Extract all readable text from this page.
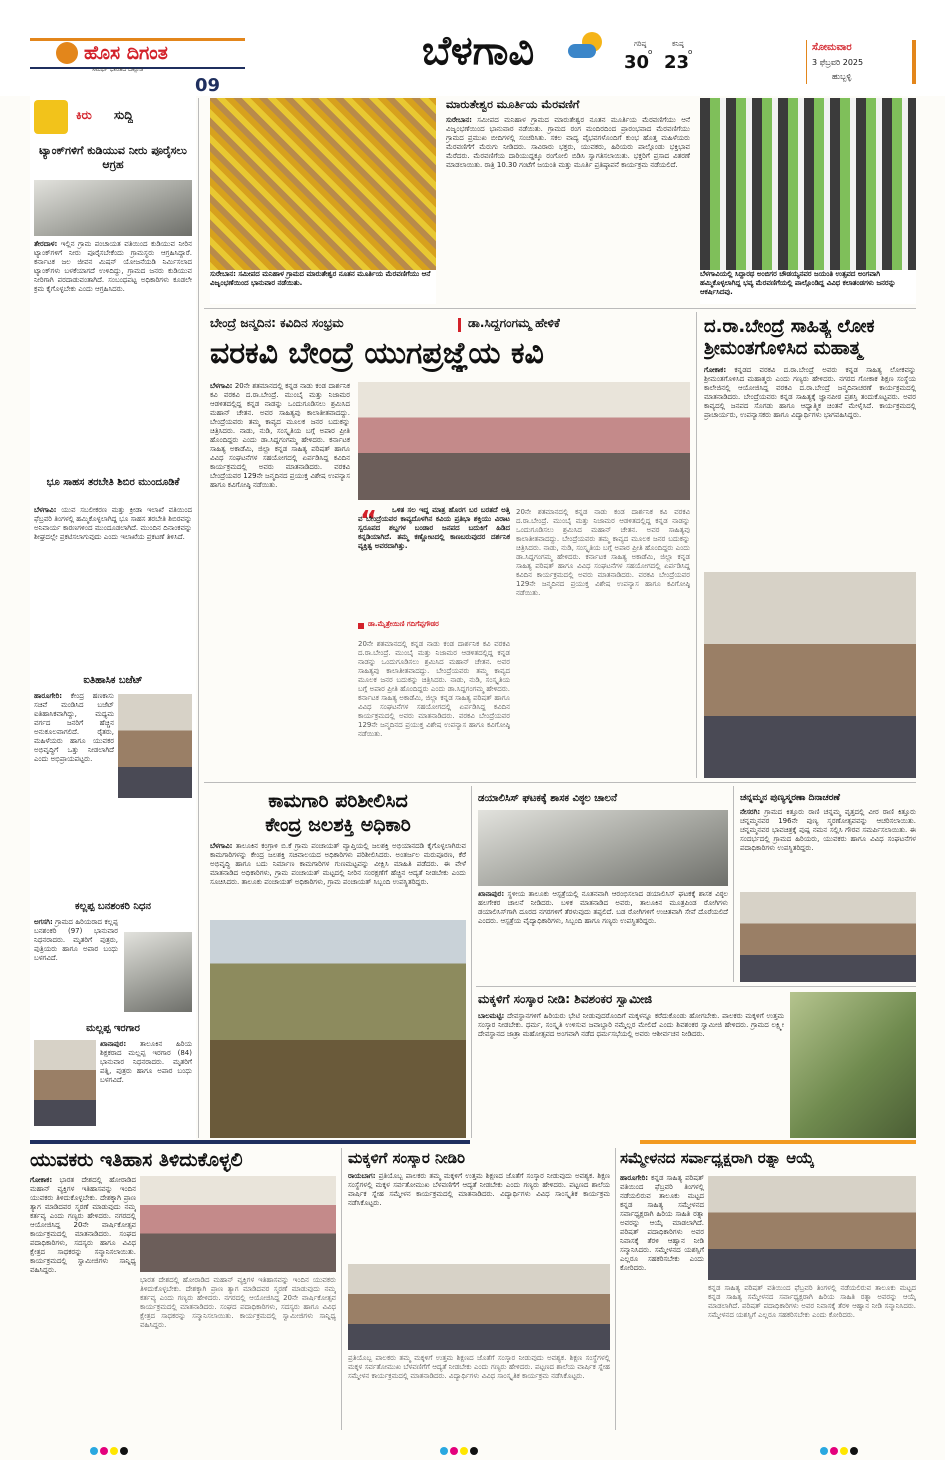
ಹೊಸ ದಿಗಂತ
ಸಮರ್ಥ ಭಾರತದ ದಿಕ್ಸೂಚಿ
09
ಬೆಳಗಾವಿ	ಗರಿಷ್ಠ
30
o
ಕನಿಷ್ಠ
23
o	ಸೋಮವಾರ
3 ಫೆಬ್ರವರಿ 2025
ಹುಬ್ಬಳ್ಳಿ
ಕಿರು ಸುದ್ದಿ
ಟ್ಯಾಂಕ್‌ಗಳಿಗೆ ಕುಡಿಯುವ ನೀರು ಪೂರೈಸಲು ಆಗ್ರಹ
ತೇರದಾಳ: ಇಲ್ಲಿನ ಗ್ರಾಮ ಪಂಚಾಯತ ವತಿಯಿಂದ ಕುಡಿಯುವ ನೀರಿನ ಟ್ಯಾಂಕ್‌ಗಳಿಗೆ ನೀರು ಪೂರೈಸಬೇಕೆಂದು ಗ್ರಾಮಸ್ಥರು ಆಗ್ರಹಿಸಿದ್ದಾರೆ. ಕರ್ನಾಟಕ ಜಲ ಜೀವನ ಮಿಷನ್ ಯೋಜನೆಯಡಿ ನಿರ್ಮಿಸಲಾದ ಟ್ಯಾಂಕ್‌ಗಳು ಬಳಕೆಯಾಗದೆ ಉಳಿದಿದ್ದು, ಗ್ರಾಮದ ಜನರು ಕುಡಿಯುವ ನೀರಿಗಾಗಿ ಪರದಾಡುವಂತಾಗಿದೆ. ಸಂಬಂಧಪಟ್ಟ ಅಧಿಕಾರಿಗಳು ಕೂಡಲೇ ಕ್ರಮ ಕೈಗೊಳ್ಳಬೇಕು ಎಂದು ಆಗ್ರಹಿಸಿದರು.
ಭೂ ಸಾಹಸ ತರಬೇತಿ ಶಿಬಿರ ಮುಂದೂಡಿಕೆ
ಬೆಳಗಾವಿ: ಯುವ ಸಬಲೀಕರಣ ಮತ್ತು ಕ್ರೀಡಾ ಇಲಾಖೆ ವತಿಯಿಂದ ಫೆಬ್ರವರಿ ತಿಂಗಳಲ್ಲಿ ಹಮ್ಮಿಕೊಳ್ಳಲಾಗಿದ್ದ ಭೂ ಸಾಹಸ ತರಬೇತಿ ಶಿಬಿರವನ್ನು ಅನಿವಾರ್ಯ ಕಾರಣಗಳಿಂದ ಮುಂದೂಡಲಾಗಿದೆ. ಮುಂದಿನ ದಿನಾಂಕವನ್ನು ಶೀಘ್ರದಲ್ಲೇ ಪ್ರಕಟಿಸಲಾಗುವುದು ಎಂದು ಇಲಾಖೆಯ ಪ್ರಕಟಣೆ ತಿಳಿಸಿದೆ.
ಐತಿಹಾಸಿಕ ಬಜೆಟ್
ಹಾರೂಗೇರಿ: ಕೇಂದ್ರ ಹಣಕಾಸು ಸಚಿವೆ ಮಂಡಿಸಿದ ಬಜೆಟ್ ಐತಿಹಾಸಿಕವಾಗಿದ್ದು, ಮಧ್ಯಮ ವರ್ಗದ ಜನರಿಗೆ ಹೆಚ್ಚಿನ ಅನುಕೂಲವಾಗಲಿದೆ. ರೈತರು, ಮಹಿಳೆಯರು ಹಾಗೂ ಯುವಕರ ಅಭಿವೃದ್ಧಿಗೆ ಒತ್ತು ನೀಡಲಾಗಿದೆ ಎಂದು ಅಭಿಪ್ರಾಯಪಟ್ಟರು.
ಕಲ್ಲಪ್ಪ ಬನಶಂಕರಿ ನಿಧನ
ಅಗಸಗಿ: ಗ್ರಾಮದ ಹಿರಿಯರಾದ ಕಲ್ಲಪ್ಪ ಬನಶಂಕರಿ (97) ಭಾನುವಾರ ನಿಧನರಾದರು. ಮೃತರಿಗೆ ಪುತ್ರರು, ಪುತ್ರಿಯರು ಹಾಗೂ ಅಪಾರ ಬಂಧು ಬಳಗವಿದೆ.
ಮಲ್ಲಪ್ಪ ಇರಗಾರ
ಖಾನಾಪುರ: ತಾಲೂಕಿನ ಹಿರಿಯ ಶಿಕ್ಷಕರಾದ ಮಲ್ಲಪ್ಪ ಇರಗಾರ (84) ಭಾನುವಾರ ನಿಧನರಾದರು. ಮೃತರಿಗೆ ಪತ್ನಿ, ಪುತ್ರರು ಹಾಗೂ ಅಪಾರ ಬಂಧು ಬಳಗವಿದೆ.
ಸುರೇಬಾನ: ಸಮೀಪದ ಮನಿಹಾಳ ಗ್ರಾಮದ ಮಾರುತೇಶ್ವರ ನೂತನ ಮೂರ್ತಿಯ ಮೆರವಣಿಗೆಯು ಆನೆ ವಿಜೃಂಭಣೆಯಿಂದ ಭಾನುವಾರ ನಡೆಯಿತು.
ಮಾರುತೇಶ್ವರ ಮೂರ್ತಿಯ ಮೆರವಣಿಗೆ
ಸುರೇಬಾನ: ಸಮೀಪದ ಮನಿಹಾಳ ಗ್ರಾಮದ ಮಾರುತೇಶ್ವರ ನೂತನ ಮೂರ್ತಿಯ ಮೆರವಣಿಗೆಯು ಆನೆ ವಿಜೃಂಭಣೆಯಿಂದ ಭಾನುವಾರ ನಡೆಯಿತು. ಗ್ರಾಮದ ರಂಗ ಮಂದಿರದಿಂದ ಪ್ರಾರಂಭವಾದ ಮೆರವಣಿಗೆಯು ಗ್ರಾಮದ ಪ್ರಮುಖ ಬೀದಿಗಳಲ್ಲಿ ಸಂಚರಿಸಿತು. ಸಕಲ ವಾದ್ಯ ವೈಭವಗಳೊಂದಿಗೆ ಕುಂಭ ಹೊತ್ತ ಮಹಿಳೆಯರು ಮೆರವಣಿಗೆಗೆ ಮೆರುಗು ನೀಡಿದರು. ಸಾವಿರಾರು ಭಕ್ತರು, ಯುವಕರು, ಹಿರಿಯರು ಪಾಲ್ಗೊಂಡು ಭಕ್ತಿಭಾವ ಮೆರೆದರು. ಮೆರವಣಿಗೆಯ ದಾರಿಯುದ್ದಕ್ಕೂ ರಂಗೋಲಿ ಬಿಡಿಸಿ ಸ್ವಾಗತಿಸಲಾಯಿತು. ಭಕ್ತರಿಗೆ ಪ್ರಸಾದ ವಿತರಣೆ ಮಾಡಲಾಯಿತು. ರಾತ್ರಿ 10.30 ಗಂಟೆಗೆ ಜಯಂತಿ ಮತ್ತು ಮೂರ್ತಿ ಪ್ರತಿಷ್ಠಾಪನೆ ಕಾರ್ಯಕ್ರಮ ನಡೆಯಲಿದೆ.
ಬೆಳಗಾವಿಯಲ್ಲಿ ಸಿದ್ದಾರಥ ಅಂಬಿಗರ ಚೌಡಯ್ಯನವರ ಜಯಂತಿ ಉತ್ಸವದ ಅಂಗವಾಗಿ ಹಮ್ಮಿಕೊಳ್ಳಲಾಗಿದ್ದ ಭವ್ಯ ಮೆರವಣಿಗೆಯಲ್ಲಿ ಪಾಲ್ಗೊಂಡಿದ್ದ ವಿವಿಧ ಕಲಾತಂಡಗಳು ಜನರನ್ನು ಆಕರ್ಷಿಸಿದವು.
ಬೇಂದ್ರೆ ಜನ್ಮದಿನ: ಕವಿದಿನ ಸಂಭ್ರಮ	ಡಾ.ಸಿದ್ದಗಂಗಮ್ಮ ಹೇಳಿಕೆ
ವರಕವಿ ಬೇಂದ್ರೆ ಯುಗಪ್ರಜ್ಞೆಯ ಕವಿ
ಬೆಳಗಾವಿ: 20ನೇ ಶತಮಾನದಲ್ಲಿ ಕನ್ನಡ ನಾಡು ಕಂಡ ದಾರ್ಶನಿಕ ಕವಿ ವರಕವಿ ದ.ರಾ.ಬೇಂದ್ರೆ. ಮುಂಬೈ ಮತ್ತು ನಿಜಾಮರ ಆಡಳಿತದಲ್ಲಿದ್ದ ಕನ್ನಡ ನಾಡನ್ನು ಒಂದುಗೂಡಿಸಲು ಶ್ರಮಿಸಿದ ಮಹಾನ್ ಚೇತನ. ಅವರ ಸಾಹಿತ್ಯವು ಕಾಲಾತೀತವಾದದ್ದು. ಬೇಂದ್ರೆಯವರು ತಮ್ಮ ಕಾವ್ಯದ ಮೂಲಕ ಜನರ ಬದುಕನ್ನು ಚಿತ್ರಿಸಿದರು. ನಾಡು, ನುಡಿ, ಸಂಸ್ಕೃತಿಯ ಬಗ್ಗೆ ಅಪಾರ ಪ್ರೀತಿ ಹೊಂದಿದ್ದರು ಎಂದು ಡಾ.ಸಿದ್ದಗಂಗಮ್ಮ ಹೇಳಿದರು. ಕರ್ನಾಟಕ ಸಾಹಿತ್ಯ ಅಕಾಡೆಮಿ, ಜಿಲ್ಲಾ ಕನ್ನಡ ಸಾಹಿತ್ಯ ಪರಿಷತ್ ಹಾಗೂ ವಿವಿಧ ಸಂಘಟನೆಗಳ ಸಹಯೋಗದಲ್ಲಿ ಏರ್ಪಡಿಸಿದ್ದ ಕವಿದಿನ ಕಾರ್ಯಕ್ರಮದಲ್ಲಿ ಅವರು ಮಾತನಾಡಿದರು. ವರಕವಿ ಬೇಂದ್ರೆಯವರ 129ನೇ ಜನ್ಮದಿನದ ಪ್ರಯುಕ್ತ ವಿಶೇಷ ಉಪನ್ಯಾಸ ಹಾಗೂ ಕವಿಗೋಷ್ಠಿ ನಡೆಯಿತು.
“	ಒಳಿತ ಸಲ ಇದ್ದ ಮಾತ್ರ ಹೊರಗ ಬರ ಬರತದೆ ಅತ್ತಿ ವ ಬೇಂದ್ರೆಯವರ ಕಾವ್ಯದೊಳಗಿನ ಕವಿಯ ಪ್ರತಿಭಾ ಶಕ್ತಿಯು ವಿರಾಟ ಸ್ವರೂಪದ ಶಬ್ದಗಳ ಬಂಡಾರ ಜನಪದ ಬದುಕಿಗೆ ಹಿಡಿದ ಕನ್ನಡಿಯಾಗಿದೆ. ತಮ್ಮ ಕಣ್ಣೋಟದಲ್ಲಿ ಕಾಣಬರುವುದರ ದರ್ಶನಿಕ ವ್ಯಕ್ತಿತ್ವ ಅವರದಾಗಿತ್ತು.
ಡಾ.ಮೈತ್ರೇಯಿಣಿ ಗದಿಗೆಪ್ಪಗೌಡರ
20ನೇ ಶತಮಾನದಲ್ಲಿ ಕನ್ನಡ ನಾಡು ಕಂಡ ದಾರ್ಶನಿಕ ಕವಿ ವರಕವಿ ದ.ರಾ.ಬೇಂದ್ರೆ. ಮುಂಬೈ ಮತ್ತು ನಿಜಾಮರ ಆಡಳಿತದಲ್ಲಿದ್ದ ಕನ್ನಡ ನಾಡನ್ನು ಒಂದುಗೂಡಿಸಲು ಶ್ರಮಿಸಿದ ಮಹಾನ್ ಚೇತನ. ಅವರ ಸಾಹಿತ್ಯವು ಕಾಲಾತೀತವಾದದ್ದು. ಬೇಂದ್ರೆಯವರು ತಮ್ಮ ಕಾವ್ಯದ ಮೂಲಕ ಜನರ ಬದುಕನ್ನು ಚಿತ್ರಿಸಿದರು. ನಾಡು, ನುಡಿ, ಸಂಸ್ಕೃತಿಯ ಬಗ್ಗೆ ಅಪಾರ ಪ್ರೀತಿ ಹೊಂದಿದ್ದರು ಎಂದು ಡಾ.ಸಿದ್ದಗಂಗಮ್ಮ ಹೇಳಿದರು. ಕರ್ನಾಟಕ ಸಾಹಿತ್ಯ ಅಕಾಡೆಮಿ, ಜಿಲ್ಲಾ ಕನ್ನಡ ಸಾಹಿತ್ಯ ಪರಿಷತ್ ಹಾಗೂ ವಿವಿಧ ಸಂಘಟನೆಗಳ ಸಹಯೋಗದಲ್ಲಿ ಏರ್ಪಡಿಸಿದ್ದ ಕವಿದಿನ ಕಾರ್ಯಕ್ರಮದಲ್ಲಿ ಅವರು ಮಾತನಾಡಿದರು. ವರಕವಿ ಬೇಂದ್ರೆಯವರ 129ನೇ ಜನ್ಮದಿನದ ಪ್ರಯುಕ್ತ ವಿಶೇಷ ಉಪನ್ಯಾಸ ಹಾಗೂ ಕವಿಗೋಷ್ಠಿ ನಡೆಯಿತು.
20ನೇ ಶತಮಾನದಲ್ಲಿ ಕನ್ನಡ ನಾಡು ಕಂಡ ದಾರ್ಶನಿಕ ಕವಿ ವರಕವಿ ದ.ರಾ.ಬೇಂದ್ರೆ. ಮುಂಬೈ ಮತ್ತು ನಿಜಾಮರ ಆಡಳಿತದಲ್ಲಿದ್ದ ಕನ್ನಡ ನಾಡನ್ನು ಒಂದುಗೂಡಿಸಲು ಶ್ರಮಿಸಿದ ಮಹಾನ್ ಚೇತನ. ಅವರ ಸಾಹಿತ್ಯವು ಕಾಲಾತೀತವಾದದ್ದು. ಬೇಂದ್ರೆಯವರು ತಮ್ಮ ಕಾವ್ಯದ ಮೂಲಕ ಜನರ ಬದುಕನ್ನು ಚಿತ್ರಿಸಿದರು. ನಾಡು, ನುಡಿ, ಸಂಸ್ಕೃತಿಯ ಬಗ್ಗೆ ಅಪಾರ ಪ್ರೀತಿ ಹೊಂದಿದ್ದರು ಎಂದು ಡಾ.ಸಿದ್ದಗಂಗಮ್ಮ ಹೇಳಿದರು. ಕರ್ನಾಟಕ ಸಾಹಿತ್ಯ ಅಕಾಡೆಮಿ, ಜಿಲ್ಲಾ ಕನ್ನಡ ಸಾಹಿತ್ಯ ಪರಿಷತ್ ಹಾಗೂ ವಿವಿಧ ಸಂಘಟನೆಗಳ ಸಹಯೋಗದಲ್ಲಿ ಏರ್ಪಡಿಸಿದ್ದ ಕವಿದಿನ ಕಾರ್ಯಕ್ರಮದಲ್ಲಿ ಅವರು ಮಾತನಾಡಿದರು. ವರಕವಿ ಬೇಂದ್ರೆಯವರ 129ನೇ ಜನ್ಮದಿನದ ಪ್ರಯುಕ್ತ ವಿಶೇಷ ಉಪನ್ಯಾಸ ಹಾಗೂ ಕವಿಗೋಷ್ಠಿ ನಡೆಯಿತು.
ದ.ರಾ.ಬೇಂದ್ರೆ ಸಾಹಿತ್ಯ ಲೋಕ
ಶ್ರೀಮಂತಗೊಳಿಸಿದ ಮಹಾತ್ಮ
ಗೋಕಾಕ: ಕನ್ನಡದ ವರಕವಿ ದ.ರಾ.ಬೇಂದ್ರೆ ಅವರು ಕನ್ನಡ ಸಾಹಿತ್ಯ ಲೋಕವನ್ನು ಶ್ರೀಮಂತಗೊಳಿಸಿದ ಮಹಾತ್ಮರು ಎಂದು ಗಣ್ಯರು ಹೇಳಿದರು. ನಗರದ ಗೋಕಾಕ ಶಿಕ್ಷಣ ಸಂಸ್ಥೆಯ ಕಾಲೇಜಿನಲ್ಲಿ ಆಯೋಜಿಸಿದ್ದ ವರಕವಿ ದ.ರಾ.ಬೇಂದ್ರೆ ಜನ್ಮದಿನಾಚರಣೆ ಕಾರ್ಯಕ್ರಮದಲ್ಲಿ ಮಾತನಾಡಿದರು. ಬೇಂದ್ರೆಯವರು ಕನ್ನಡ ಸಾಹಿತ್ಯಕ್ಕೆ ಜ್ಞಾನಪೀಠ ಪ್ರಶಸ್ತಿ ತಂದುಕೊಟ್ಟವರು. ಅವರ ಕಾವ್ಯದಲ್ಲಿ ಜನಪದ ಸೊಗಡು ಹಾಗೂ ಆಧ್ಯಾತ್ಮಿಕ ಚಿಂತನೆ ಮೇಳೈಸಿದೆ. ಕಾರ್ಯಕ್ರಮದಲ್ಲಿ ಪ್ರಾಚಾರ್ಯರು, ಉಪನ್ಯಾಸಕರು ಹಾಗೂ ವಿದ್ಯಾರ್ಥಿಗಳು ಭಾಗವಹಿಸಿದ್ದರು.
ಕಾಮಗಾರಿ ಪರಿಶೀಲಿಸಿದ
ಕೇಂದ್ರ ಜಲಶಕ್ತಿ ಅಧಿಕಾರಿ
ಬೆಳಗಾವಿ: ತಾಲೂಕಿನ ಕಂಗ್ರಾಳಿ ಬಿ.ಕೆ ಗ್ರಾಮ ಪಂಚಾಯತ್ ವ್ಯಾಪ್ತಿಯಲ್ಲಿ ಜಲಶಕ್ತಿ ಅಭಿಯಾನದಡಿ ಕೈಗೊಳ್ಳಲಾಗಿರುವ ಕಾಮಗಾರಿಗಳನ್ನು ಕೇಂದ್ರ ಜಲಶಕ್ತಿ ಸಚಿವಾಲಯದ ಅಧಿಕಾರಿಗಳು ಪರಿಶೀಲಿಸಿದರು. ಅಂತರ್ಜಲ ಮರುಪೂರಣ, ಕೆರೆ ಅಭಿವೃದ್ಧಿ ಹಾಗೂ ಬದು ನಿರ್ಮಾಣ ಕಾಮಗಾರಿಗಳ ಗುಣಮಟ್ಟವನ್ನು ವೀಕ್ಷಿಸಿ ಮಾಹಿತಿ ಪಡೆದರು. ಈ ವೇಳೆ ಮಾತನಾಡಿದ ಅಧಿಕಾರಿಗಳು, ಗ್ರಾಮ ಪಂಚಾಯತ್ ಮಟ್ಟದಲ್ಲಿ ನೀರಿನ ಸಂರಕ್ಷಣೆಗೆ ಹೆಚ್ಚಿನ ಆದ್ಯತೆ ನೀಡಬೇಕು ಎಂದು ಸೂಚಿಸಿದರು. ತಾಲೂಕು ಪಂಚಾಯತ್ ಅಧಿಕಾರಿಗಳು, ಗ್ರಾಮ ಪಂಚಾಯತ್ ಸಿಬ್ಬಂದಿ ಉಪಸ್ಥಿತರಿದ್ದರು.
ಡಯಾಲಿಸಿಸ್ ಘಟಕಕ್ಕೆ ಶಾಸಕ ವಿಠ್ಠಲ ಚಾಲನೆ
ಖಾನಾಪುರ: ಸ್ಥಳೀಯ ತಾಲೂಕು ಆಸ್ಪತ್ರೆಯಲ್ಲಿ ನೂತನವಾಗಿ ಆರಂಭಿಸಲಾದ ಡಯಾಲಿಸಿಸ್ ಘಟಕಕ್ಕೆ ಶಾಸಕ ವಿಠ್ಠಲ ಹಲಗೇಕರ ಚಾಲನೆ ನೀಡಿದರು. ಬಳಿಕ ಮಾತನಾಡಿದ ಅವರು, ತಾಲೂಕಿನ ಮೂತ್ರಪಿಂಡ ರೋಗಿಗಳು ಡಯಾಲಿಸಿಸ್‌ಗಾಗಿ ದೂರದ ನಗರಗಳಿಗೆ ತೆರಳುವುದು ತಪ್ಪಲಿದೆ. ಬಡ ರೋಗಿಗಳಿಗೆ ಉಚಿತವಾಗಿ ಸೇವೆ ದೊರೆಯಲಿದೆ ಎಂದರು. ಆಸ್ಪತ್ರೆಯ ವೈದ್ಯಾಧಿಕಾರಿಗಳು, ಸಿಬ್ಬಂದಿ ಹಾಗೂ ಗಣ್ಯರು ಉಪಸ್ಥಿತರಿದ್ದರು.
ಚನ್ನಮ್ಮನ ಪುಣ್ಯಸ್ಮರಣಾ ದಿನಾಚರಣೆ
ನೇಸರಗಿ: ಗ್ರಾಮದ ಕಿತ್ತೂರು ರಾಣಿ ಚನ್ನಮ್ಮ ವೃತ್ತದಲ್ಲಿ ವೀರ ರಾಣಿ ಕಿತ್ತೂರು ಚನ್ನಮ್ಮನವರ 196ನೇ ಪುಣ್ಯ ಸ್ಮರಣೋತ್ಸವವನ್ನು ಆಚರಿಸಲಾಯಿತು. ಚನ್ನಮ್ಮನವರ ಭಾವಚಿತ್ರಕ್ಕೆ ಪುಷ್ಪ ನಮನ ಸಲ್ಲಿಸಿ ಗೌರವ ಸಮರ್ಪಿಸಲಾಯಿತು. ಈ ಸಂದರ್ಭದಲ್ಲಿ ಗ್ರಾಮದ ಹಿರಿಯರು, ಯುವಕರು ಹಾಗೂ ವಿವಿಧ ಸಂಘಟನೆಗಳ ಪದಾಧಿಕಾರಿಗಳು ಉಪಸ್ಥಿತರಿದ್ದರು.
ಮಕ್ಕಳಿಗೆ ಸಂಸ್ಕಾರ ನೀಡಿ: ಶಿವಶಂಕರ ಸ್ವಾಮೀಜಿ
ಬಾಲಮಟ್ಟಿ: ದೇವಸ್ಥಾನಗಳಿಗೆ ಹಿರಿಯರು ಭೇಟಿ ನೀಡುವುದರೊಂದಿಗೆ ಮಕ್ಕಳನ್ನೂ ಕರೆದುಕೊಂಡು ಹೋಗಬೇಕು. ಪಾಲಕರು ಮಕ್ಕಳಿಗೆ ಉತ್ತಮ ಸಂಸ್ಕಾರ ನೀಡಬೇಕು. ಧರ್ಮ, ಸಂಸ್ಕೃತಿ ಉಳಿಸುವ ಜವಾಬ್ದಾರಿ ನಮ್ಮೆಲ್ಲರ ಮೇಲಿದೆ ಎಂದು ಶಿವಶಂಕರ ಸ್ವಾಮೀಜಿ ಹೇಳಿದರು. ಗ್ರಾಮದ ಲಕ್ಷ್ಮೀ ದೇವಸ್ಥಾನದ ಜಾತ್ರಾ ಮಹೋತ್ಸವದ ಅಂಗವಾಗಿ ನಡೆದ ಧರ್ಮಸಭೆಯಲ್ಲಿ ಅವರು ಆಶೀರ್ವಚನ ನೀಡಿದರು.
ಯುವಕರು ಇತಿಹಾಸ ತಿಳಿದುಕೊಳ್ಳಲಿ
ಗೋಕಾಕ: ಭಾರತ ದೇಶದಲ್ಲಿ ಹೋರಾಡಿದ ಮಹಾನ್ ವ್ಯಕ್ತಿಗಳ ಇತಿಹಾಸವನ್ನು ಇಂದಿನ ಯುವಕರು ತಿಳಿದುಕೊಳ್ಳಬೇಕು. ದೇಶಕ್ಕಾಗಿ ಪ್ರಾಣ ತ್ಯಾಗ ಮಾಡಿದವರ ಸ್ಮರಣೆ ಮಾಡುವುದು ನಮ್ಮ ಕರ್ತವ್ಯ ಎಂದು ಗಣ್ಯರು ಹೇಳಿದರು. ನಗರದಲ್ಲಿ ಆಯೋಜಿಸಿದ್ದ 20ನೇ ವಾರ್ಷಿಕೋತ್ಸವ ಕಾರ್ಯಕ್ರಮದಲ್ಲಿ ಮಾತನಾಡಿದರು. ಸಂಘದ ಪದಾಧಿಕಾರಿಗಳು, ಸದಸ್ಯರು ಹಾಗೂ ವಿವಿಧ ಕ್ಷೇತ್ರದ ಸಾಧಕರನ್ನು ಸನ್ಮಾನಿಸಲಾಯಿತು. ಕಾರ್ಯಕ್ರಮದಲ್ಲಿ ಸ್ವಾಮೀಜಿಗಳು ಸಾನ್ನಿಧ್ಯ ವಹಿಸಿದ್ದರು.
ಭಾರತ ದೇಶದಲ್ಲಿ ಹೋರಾಡಿದ ಮಹಾನ್ ವ್ಯಕ್ತಿಗಳ ಇತಿಹಾಸವನ್ನು ಇಂದಿನ ಯುವಕರು ತಿಳಿದುಕೊಳ್ಳಬೇಕು. ದೇಶಕ್ಕಾಗಿ ಪ್ರಾಣ ತ್ಯಾಗ ಮಾಡಿದವರ ಸ್ಮರಣೆ ಮಾಡುವುದು ನಮ್ಮ ಕರ್ತವ್ಯ ಎಂದು ಗಣ್ಯರು ಹೇಳಿದರು. ನಗರದಲ್ಲಿ ಆಯೋಜಿಸಿದ್ದ 20ನೇ ವಾರ್ಷಿಕೋತ್ಸವ ಕಾರ್ಯಕ್ರಮದಲ್ಲಿ ಮಾತನಾಡಿದರು. ಸಂಘದ ಪದಾಧಿಕಾರಿಗಳು, ಸದಸ್ಯರು ಹಾಗೂ ವಿವಿಧ ಕ್ಷೇತ್ರದ ಸಾಧಕರನ್ನು ಸನ್ಮಾನಿಸಲಾಯಿತು. ಕಾರ್ಯಕ್ರಮದಲ್ಲಿ ಸ್ವಾಮೀಜಿಗಳು ಸಾನ್ನಿಧ್ಯ ವಹಿಸಿದ್ದರು.
ಮಕ್ಕಳಿಗೆ ಸಂಸ್ಕಾರ ನೀಡಿರಿ
ರಾಯಬಾಗ: ಪ್ರತಿಯೊಬ್ಬ ಪಾಲಕರು ತಮ್ಮ ಮಕ್ಕಳಿಗೆ ಉತ್ತಮ ಶಿಕ್ಷಣದ ಜೊತೆಗೆ ಸಂಸ್ಕಾರ ನೀಡುವುದು ಅವಶ್ಯಕ. ಶಿಕ್ಷಣ ಸಂಸ್ಥೆಗಳಲ್ಲಿ ಮಕ್ಕಳ ಸರ್ವತೋಮುಖ ಬೆಳವಣಿಗೆಗೆ ಆದ್ಯತೆ ನೀಡಬೇಕು ಎಂದು ಗಣ್ಯರು ಹೇಳಿದರು. ಪಟ್ಟಣದ ಶಾಲೆಯ ವಾರ್ಷಿಕ ಸ್ನೇಹ ಸಮ್ಮೇಳನ ಕಾರ್ಯಕ್ರಮದಲ್ಲಿ ಮಾತನಾಡಿದರು. ವಿದ್ಯಾರ್ಥಿಗಳು ವಿವಿಧ ಸಾಂಸ್ಕೃತಿಕ ಕಾರ್ಯಕ್ರಮ ನಡೆಸಿಕೊಟ್ಟರು.
ಪ್ರತಿಯೊಬ್ಬ ಪಾಲಕರು ತಮ್ಮ ಮಕ್ಕಳಿಗೆ ಉತ್ತಮ ಶಿಕ್ಷಣದ ಜೊತೆಗೆ ಸಂಸ್ಕಾರ ನೀಡುವುದು ಅವಶ್ಯಕ. ಶಿಕ್ಷಣ ಸಂಸ್ಥೆಗಳಲ್ಲಿ ಮಕ್ಕಳ ಸರ್ವತೋಮುಖ ಬೆಳವಣಿಗೆಗೆ ಆದ್ಯತೆ ನೀಡಬೇಕು ಎಂದು ಗಣ್ಯರು ಹೇಳಿದರು. ಪಟ್ಟಣದ ಶಾಲೆಯ ವಾರ್ಷಿಕ ಸ್ನೇಹ ಸಮ್ಮೇಳನ ಕಾರ್ಯಕ್ರಮದಲ್ಲಿ ಮಾತನಾಡಿದರು. ವಿದ್ಯಾರ್ಥಿಗಳು ವಿವಿಧ ಸಾಂಸ್ಕೃತಿಕ ಕಾರ್ಯಕ್ರಮ ನಡೆಸಿಕೊಟ್ಟರು.
ಸಮ್ಮೇಳನದ ಸರ್ವಾಧ್ಯಕ್ಷರಾಗಿ ರತ್ನಾ ಆಯ್ಕೆ
ಹಾರೂಗೇರಿ: ಕನ್ನಡ ಸಾಹಿತ್ಯ ಪರಿಷತ್ ವತಿಯಿಂದ ಫೆಬ್ರವರಿ ತಿಂಗಳಲ್ಲಿ ನಡೆಯಲಿರುವ ತಾಲೂಕು ಮಟ್ಟದ ಕನ್ನಡ ಸಾಹಿತ್ಯ ಸಮ್ಮೇಳನದ ಸರ್ವಾಧ್ಯಕ್ಷರಾಗಿ ಹಿರಿಯ ಸಾಹಿತಿ ರತ್ನಾ ಅವರನ್ನು ಆಯ್ಕೆ ಮಾಡಲಾಗಿದೆ. ಪರಿಷತ್ ಪದಾಧಿಕಾರಿಗಳು ಅವರ ನಿವಾಸಕ್ಕೆ ತೆರಳಿ ಆಹ್ವಾನ ನೀಡಿ ಸನ್ಮಾನಿಸಿದರು. ಸಮ್ಮೇಳನದ ಯಶಸ್ಸಿಗೆ ಎಲ್ಲರೂ ಸಹಕರಿಸಬೇಕು ಎಂದು ಕೋರಿದರು.
ಕನ್ನಡ ಸಾಹಿತ್ಯ ಪರಿಷತ್ ವತಿಯಿಂದ ಫೆಬ್ರವರಿ ತಿಂಗಳಲ್ಲಿ ನಡೆಯಲಿರುವ ತಾಲೂಕು ಮಟ್ಟದ ಕನ್ನಡ ಸಾಹಿತ್ಯ ಸಮ್ಮೇಳನದ ಸರ್ವಾಧ್ಯಕ್ಷರಾಗಿ ಹಿರಿಯ ಸಾಹಿತಿ ರತ್ನಾ ಅವರನ್ನು ಆಯ್ಕೆ ಮಾಡಲಾಗಿದೆ. ಪರಿಷತ್ ಪದಾಧಿಕಾರಿಗಳು ಅವರ ನಿವಾಸಕ್ಕೆ ತೆರಳಿ ಆಹ್ವಾನ ನೀಡಿ ಸನ್ಮಾನಿಸಿದರು. ಸಮ್ಮೇಳನದ ಯಶಸ್ಸಿಗೆ ಎಲ್ಲರೂ ಸಹಕರಿಸಬೇಕು ಎಂದು ಕೋರಿದರು.
